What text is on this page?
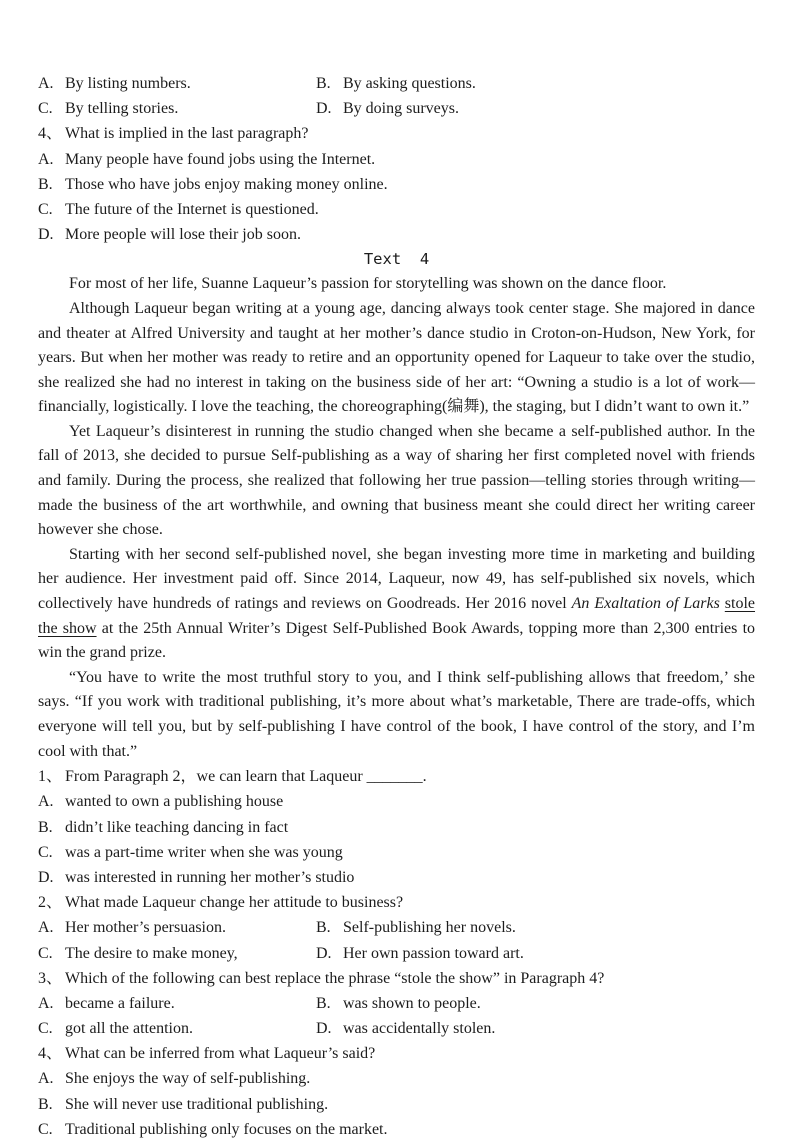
A. By listing numbers.	B. By asking questions.
C. By telling stories.	D. By doing surveys.
4、 What is implied in the last paragraph?
A. Many people have found jobs using the Internet.
B. Those who have jobs enjoy making money online.
C. The future of the Internet is questioned.
D. More people will lose their job soon.
Text  4

For most of her life, Suanne Laqueur’s passion for storytelling was shown on the dance floor.

Although Laqueur began writing at a young age, dancing always took center stage. She majored in dance and theater at Alfred University and taught at her mother’s dance studio in Croton-on-Hudson, New York, for years. But when her mother was ready to retire and an opportunity opened for Laqueur to take over the studio, she realized she had no interest in taking on the business side of her art: “Owning a studio is a lot of work—financially, logistically. I love the teaching, the choreographing(编舞), the staging, but I didn’t want to own it.”

Yet Laqueur’s disinterest in running the studio changed when she became a self-published author. In the fall of 2013, she decided to pursue Self-publishing as a way of sharing her first completed novel with friends and family. During the process, she realized that following her true passion—telling stories through writing—made the business of the art worthwhile, and owning that business meant she could direct her writing career however she chose.

Starting with her second self-published novel, she began investing more time in marketing and building her audience. Her investment paid off. Since 2014, Laqueur, now 49, has self-published six novels, which collectively have hundreds of ratings and reviews on Goodreads. Her 2016 novel An Exaltation of Larks stole the show at the 25th Annual Writer’s Digest Self-Published Book Awards, topping more than 2,300 entries to win the grand prize.

“You have to write the most truthful story to you, and I think self-publishing allows that freedom,’ she says. “If you work with traditional publishing, it’s more about what’s marketable, There are trade-offs, which everyone will tell you, but by self-publishing I have control of the book, I have control of the story, and I’m cool with that.”

1、 From Paragraph 2，we can learn that Laqueur _______.
A. wanted to own a publishing house
B. didn’t like teaching dancing in fact
C. was a part-time writer when she was young
D. was interested in running her mother’s studio
2、 What made Laqueur change her attitude to business?
A. Her mother’s persuasion.	B. Self-publishing her novels.
C. The desire to make money,	D. Her own passion toward art.
3、 Which of the following can best replace the phrase “stole the show” in Paragraph 4?
A. became a failure.	B. was shown to people.
C. got all the attention.	D. was accidentally stolen.
4、 What can be inferred from what Laqueur’s said?
A. She enjoys the way of self-publishing.
B. She will never use traditional publishing.
C. Traditional publishing only focuses on the market.
